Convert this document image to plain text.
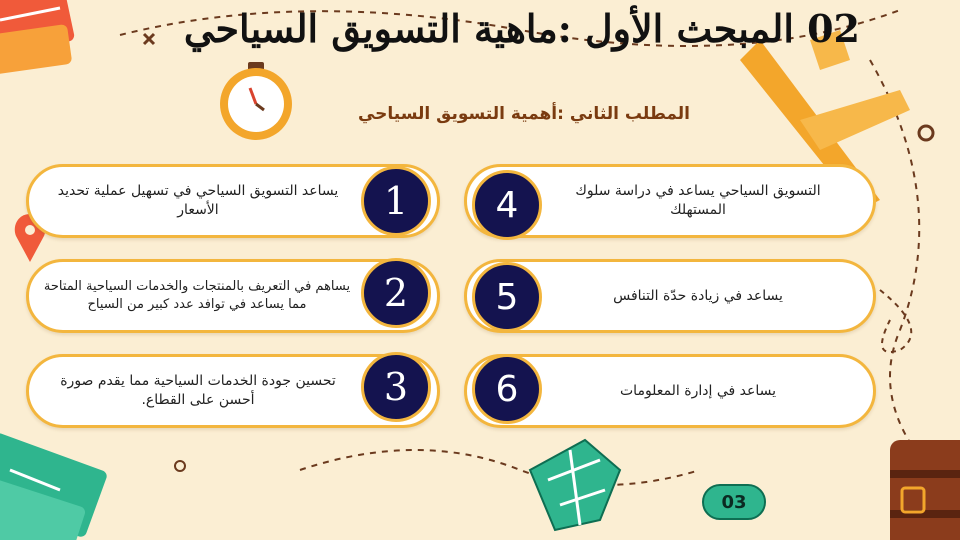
02 المبحث الأول :ماهية التسويق السياحي
المطلب الثاني :أهمية التسويق السياحي
يساعد التسويق السياحي في تسهيل عملية تحديد الأسعار	1
يساهم في التعريف بالمنتجات والخدمات السياحية المتاحة مما يساعد في توافد عدد كبير من السياح	2
تحسين جودة الخدمات السياحية مما يقدم صورة أحسن على القطاع.	3
التسويق السياحي يساعد في دراسة سلوك المستهلك
4
يساعد في زيادة حدّة التنافس
5
يساعد في إدارة المعلومات
6
03
